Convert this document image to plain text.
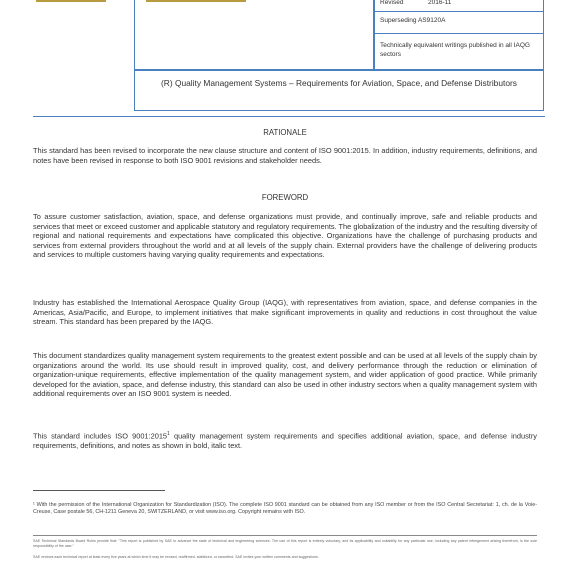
Revised	2016-11
Superseding AS9120A
Technically equivalent writings published in all IAQG sectors
(R) Quality Management Systems – Requirements for Aviation, Space, and Defense Distributors
RATIONALE
This standard has been revised to incorporate the new clause structure and content of ISO 9001:2015. In addition, industry requirements, definitions, and notes have been revised in response to both ISO 9001 revisions and stakeholder needs.
FOREWORD
To assure customer satisfaction, aviation, space, and defense organizations must provide, and continually improve, safe and reliable products and services that meet or exceed customer and applicable statutory and regulatory requirements. The globalization of the industry and the resulting diversity of regional and national requirements and expectations have complicated this objective. Organizations have the challenge of purchasing products and services from external providers throughout the world and at all levels of the supply chain. External providers have the challenge of delivering products and services to multiple customers having varying quality requirements and expectations.
Industry has established the International Aerospace Quality Group (IAQG), with representatives from aviation, space, and defense companies in the Americas, Asia/Pacific, and Europe, to implement initiatives that make significant improvements in quality and reductions in cost throughout the value stream. This standard has been prepared by the IAQG.
This document standardizes quality management system requirements to the greatest extent possible and can be used at all levels of the supply chain by organizations around the world. Its use should result in improved quality, cost, and delivery performance through the reduction or elimination of organization-unique requirements, effective implementation of the quality management system, and wider application of good practice. While primarily developed for the aviation, space, and defense industry, this standard can also be used in other industry sectors when a quality management system with additional requirements over an ISO 9001 system is needed.
This standard includes ISO 9001:2015$^1$ quality management system requirements and specifies additional aviation, space, and defense industry requirements, definitions, and notes as shown in bold, italic text.
¹ With the permission of the International Organization for Standardization (ISO). The complete ISO 9001 standard can be obtained from any ISO member or from the ISO Central Secretariat: 1, ch. de la Voie-Creuse, Case postale 56, CH-1211 Geneva 20, SWITZERLAND, or visit www.iso.org. Copyright remains with ISO.
SAE Technical Standards Board Rules provide that: "This report is published by SAE to advance the state of technical and engineering sciences. The use of this report is entirely voluntary, and its applicability and suitability for any particular use, including any patent infringement arising therefrom, is the sole responsibility of the user."
SAE reviews each technical report at least every five years at which time it may be revised, reaffirmed, stabilized, or cancelled. SAE invites your written comments and suggestions.
